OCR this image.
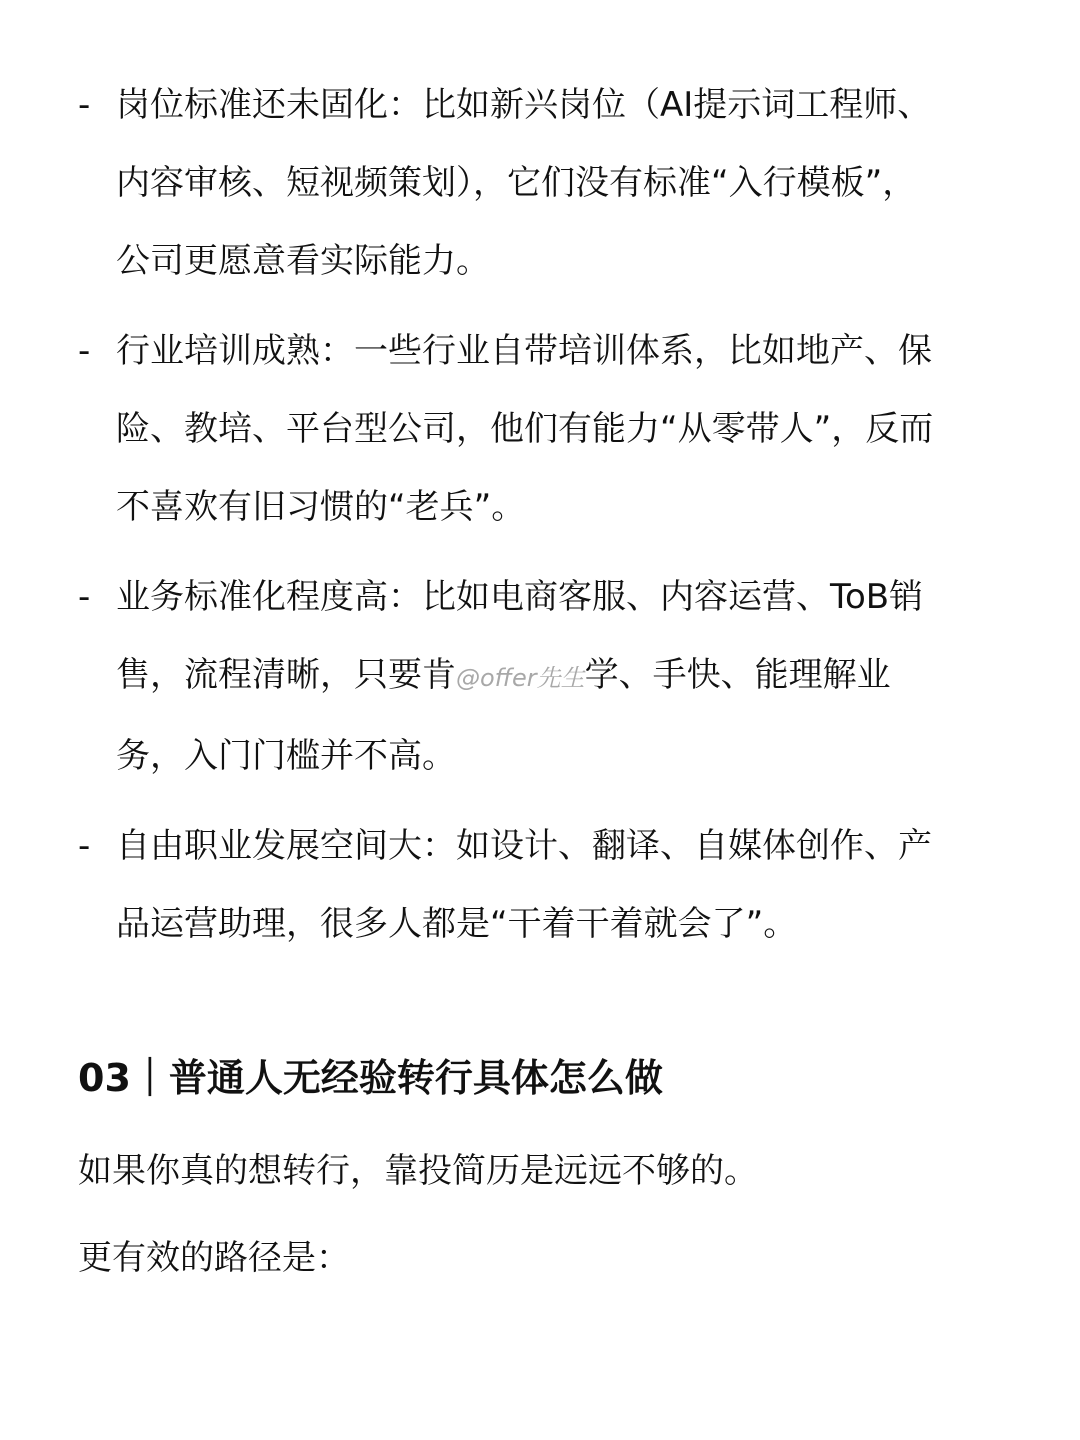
- 岗位标准还未固化：比如新兴岗位（AI提示词工程师、
内容审核、短视频策划），它们没有标准“入行模板”，
公司更愿意看实际能力。
- 行业培训成熟：一些行业自带培训体系，比如地产、保
险、教培、平台型公司，他们有能力“从零带人”，反而
不喜欢有旧习惯的“老兵”。
- 业务标准化程度高：比如电商客服、内容运营、ToB销
售，流程清晰，只要肯@offer先生学、手快、能理解业
务，入门门槛并不高。
- 自由职业发展空间大：如设计、翻译、自媒体创作、产
品运营助理，很多人都是“干着干着就会了”。
03｜普通人无经验转行具体怎么做
如果你真的想转行，靠投简历是远远不够的。
更有效的路径是：
